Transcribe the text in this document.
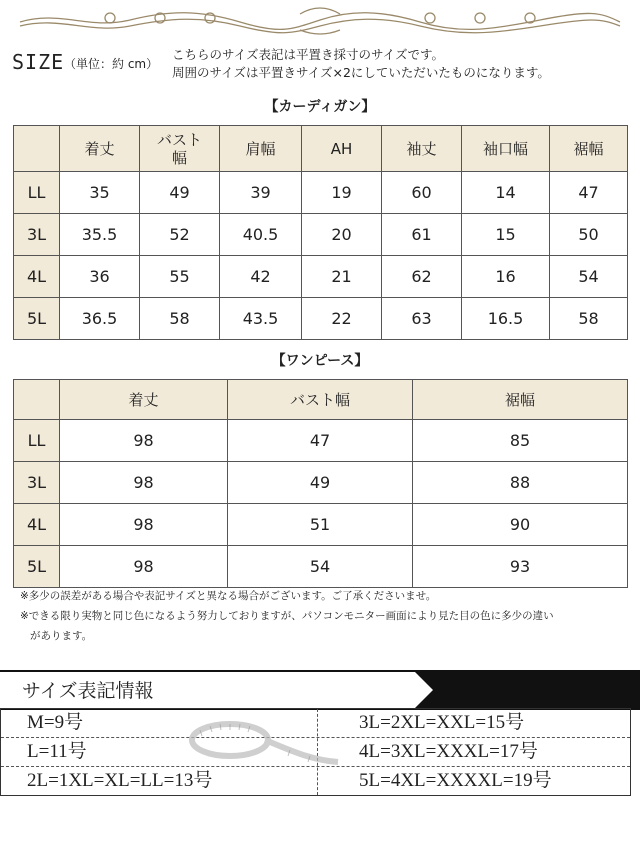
SIZE （単位：約 cm）
こちらのサイズ表記は平置き採寸のサイズです。
周囲のサイズは平置きサイズ×2にしていただいたものになります。
【カーディガン】
	着丈	バスト幅	肩幅	AH	袖丈	袖口幅	裾幅
LL	35	49	39	19	60	14	47
3L	35.5	52	40.5	20	61	15	50
4L	36	55	42	21	62	16	54
5L	36.5	58	43.5	22	63	16.5	58
【ワンピース】
	着丈	バスト幅	裾幅
LL	98	47	85
3L	98	49	88
4L	98	51	90
5L	98	54	93
※多少の誤差がある場合や表記サイズと異なる場合がございます。ご了承くださいませ。
※できる限り実物と同じ色になるよう努力しておりますが、パソコンモニター画面により見た目の色に多少の違い
があります。
サイズ表記情報
M=9号
L=11号
2L=1XL=XL=LL=13号
3L=2XL=XXL=15号
4L=3XL=XXXL=17号
5L=4XL=XXXXL=19号
